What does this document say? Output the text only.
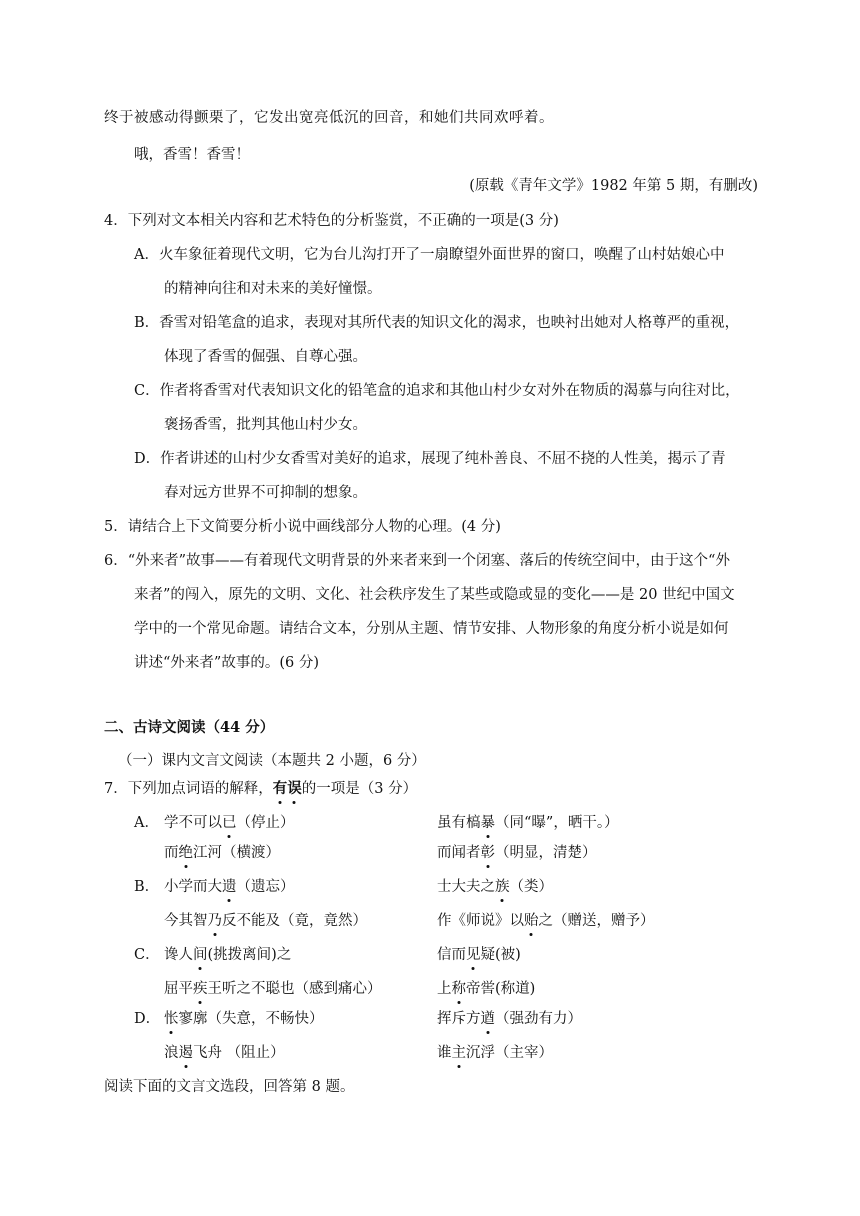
终于被感动得颤栗了，它发出宽亮低沉的回音，和她们共同欢呼着。
哦，香雪！香雪！
(原载《青年文学》1982 年第 5 期，有删改)
4．下列对文本相关内容和艺术特色的分析鉴赏，不正确的一项是(3 分)
A．火车象征着现代文明，它为台儿沟打开了一扇瞭望外面世界的窗口，唤醒了山村姑娘心中
的精神向往和对未来的美好憧憬。
B．香雪对铅笔盒的追求，表现对其所代表的知识文化的渴求，也映衬出她对人格尊严的重视，
体现了香雪的倔强、自尊心强。
C．作者将香雪对代表知识文化的铅笔盒的追求和其他山村少女对外在物质的渴慕与向往对比，
褒扬香雪，批判其他山村少女。
D．作者讲述的山村少女香雪对美好的追求，展现了纯朴善良、不屈不挠的人性美，揭示了青
春对远方世界不可抑制的想象。
5．请结合上下文简要分析小说中画线部分人物的心理。(4 分)
6．“外来者”故事——有着现代文明背景的外来者来到一个闭塞、落后的传统空间中，由于这个“外
来者”的闯入，原先的文明、文化、社会秩序发生了某些或隐或显的变化——是 20 世纪中国文
学中的一个常见命题。请结合文本，分别从主题、情节安排、人物形象的角度分析小说是如何
讲述“外来者”故事的。(6 分)
二、古诗文阅读（44 分）
（一）课内文言文阅读（本题共 2 小题，6 分）
7．下列加点词语的解释，有误的一项是（3 分）
A． 学不可以已（停止）	虽有槁暴（同“曝”，晒干。）
而绝江河（横渡）	而闻者彰（明显，清楚）
B． 小学而大遗（遗忘）	士大夫之族（类）
今其智乃反不能及（竟，竟然）	作《师说》以贻之（赠送，赠予）
C． 谗人间(挑拨离间)之	信而见疑(被)
屈平疾王听之不聪也（感到痛心）	上称帝喾(称道)
D． 怅寥廓（失意，不畅快）	挥斥方遒（强劲有力）
浪遏飞舟 （阻止）	谁主沉浮（主宰）
阅读下面的文言文选段，回答第 8 题。
